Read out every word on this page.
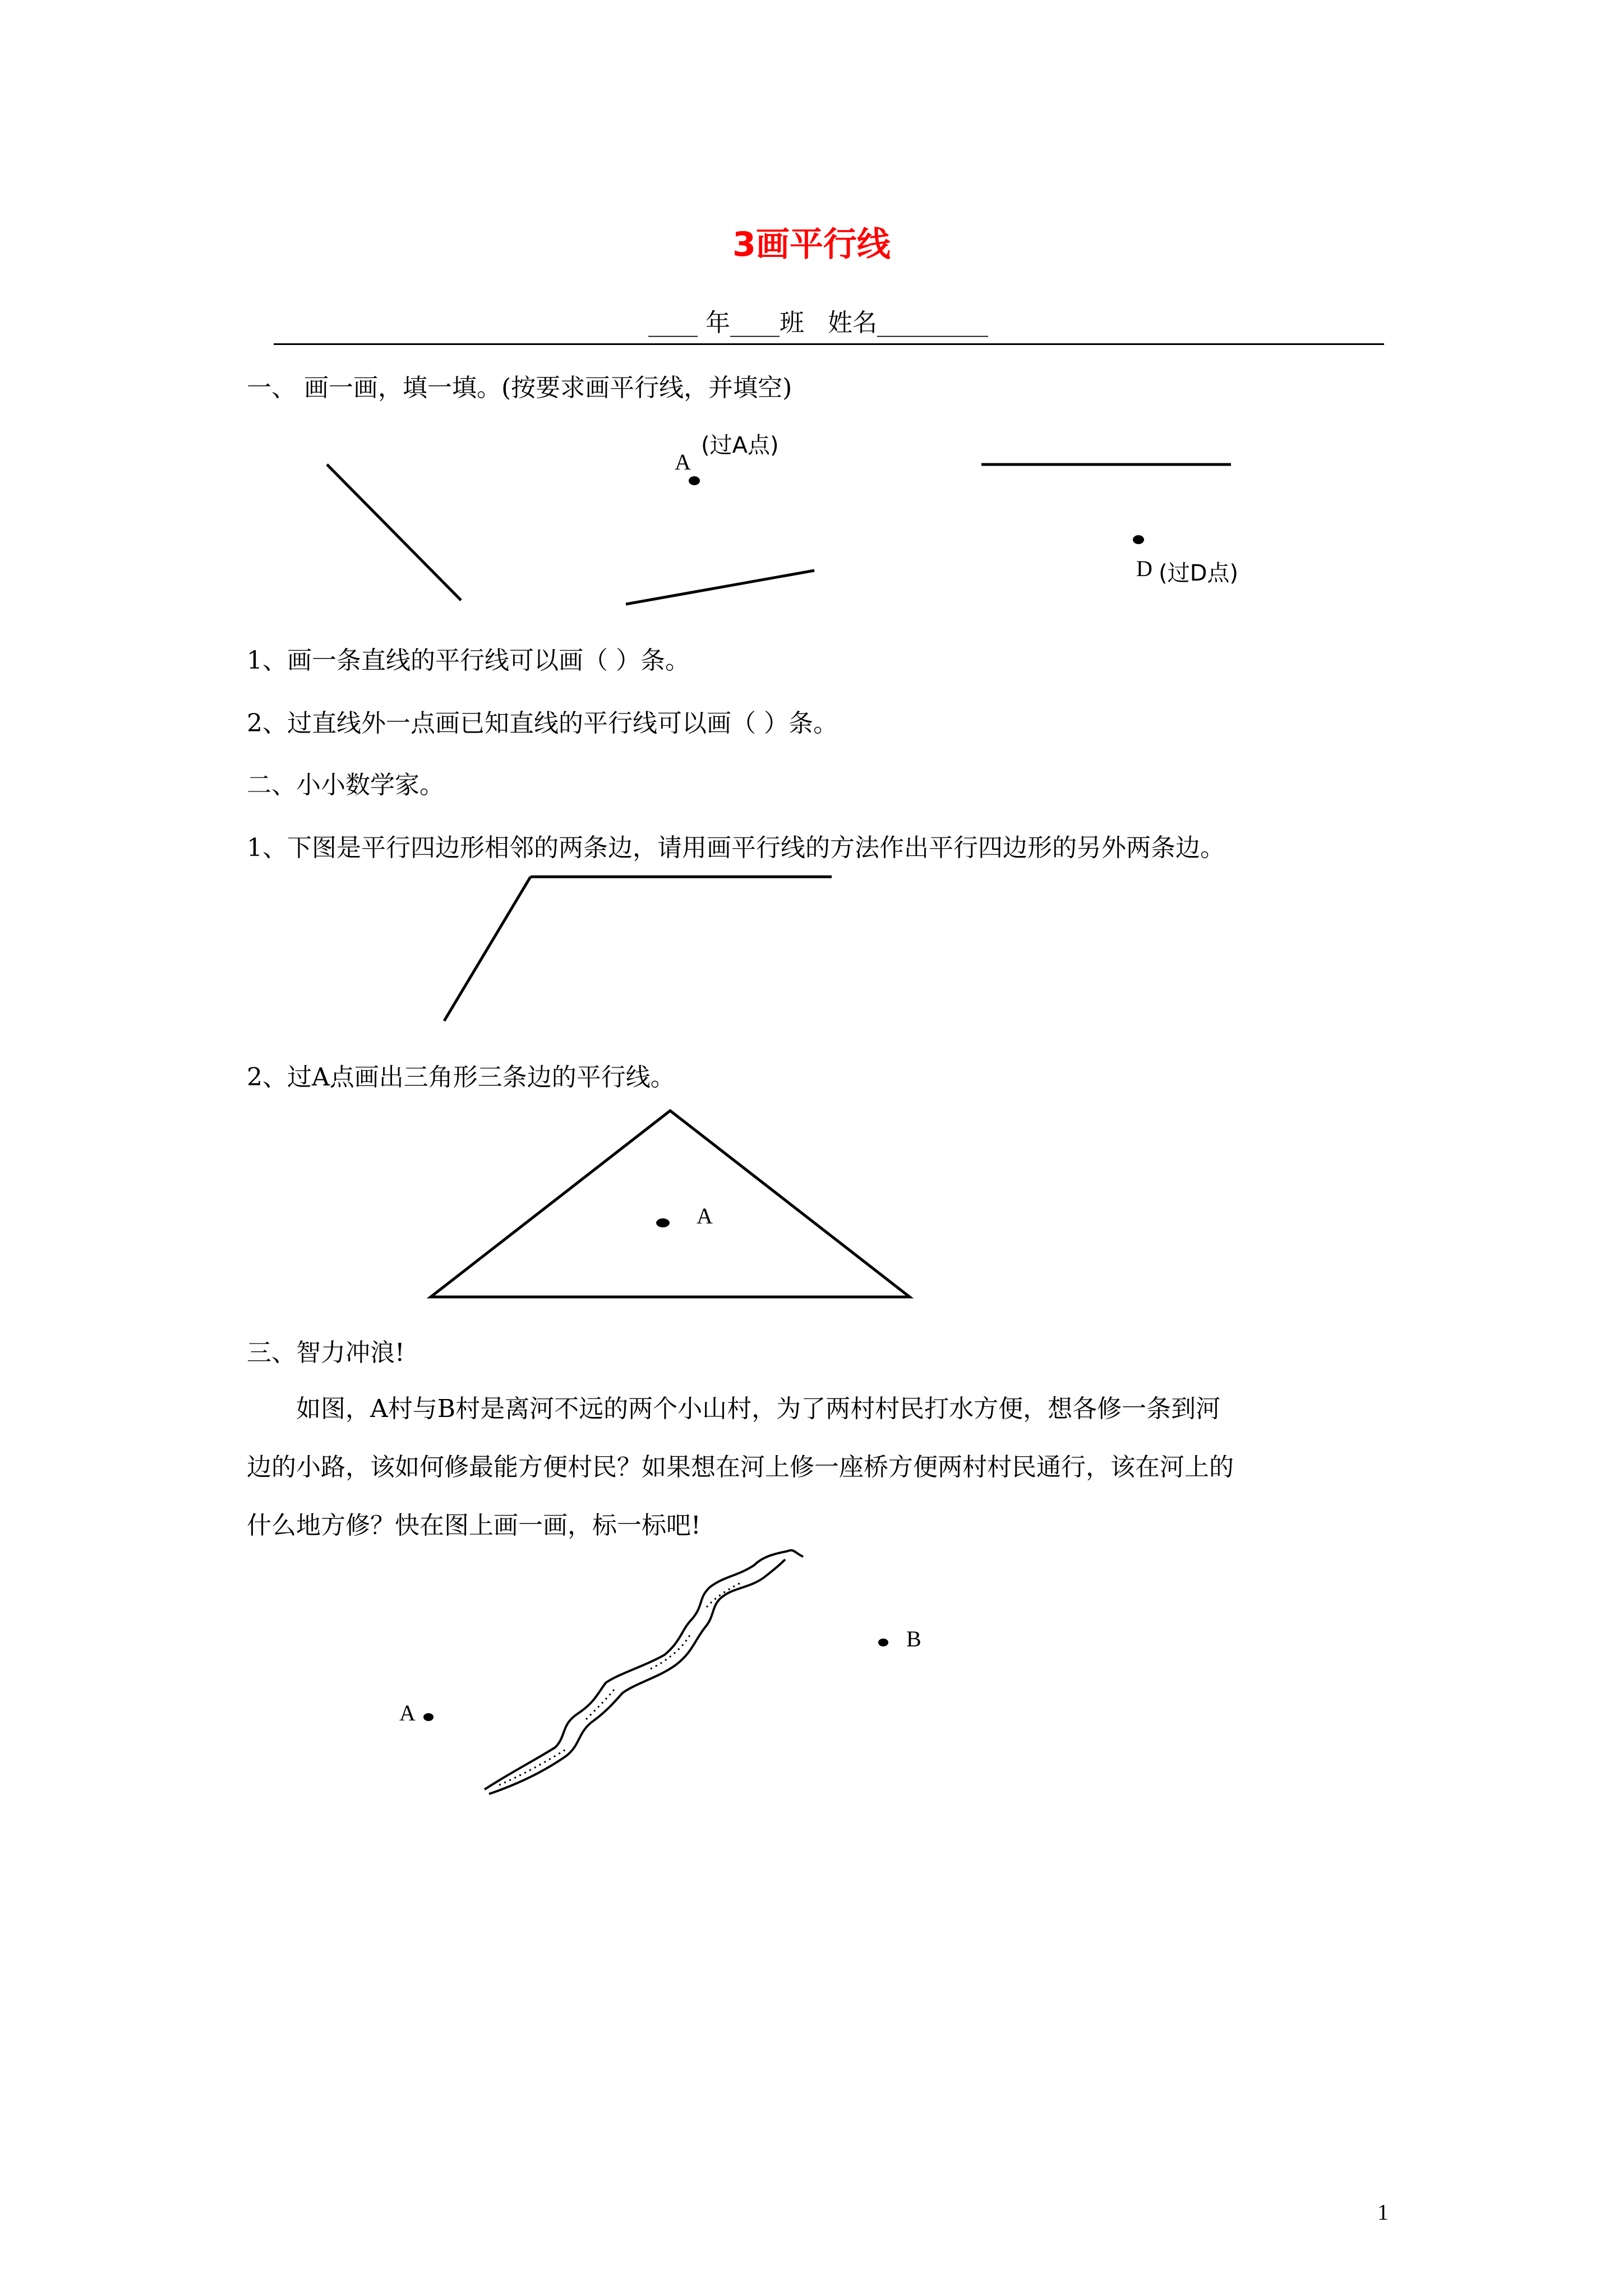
3画平行线
____ 年____班 姓名_________
一、 画一画，填一填。(按要求画平行线，并填空)
(过A点)
A
D (过D点)
1、画一条直线的平行线可以画（ ）条。
2、过直线外一点画已知直线的平行线可以画（ ）条。
二、小小数学家。
1、下图是平行四边形相邻的两条边，请用画平行线的方法作出平行四边形的另外两条边。
2、过A点画出三角形三条边的平行线。
A
三、智力冲浪!
如图，A村与B村是离河不远的两个小山村，为了两村村民打水方便，想各修一条到河
边的小路，该如何修最能方便村民？如果想在河上修一座桥方便两村村民通行，该在河上的
什么地方修？快在图上画一画，标一标吧!
A
B
1
